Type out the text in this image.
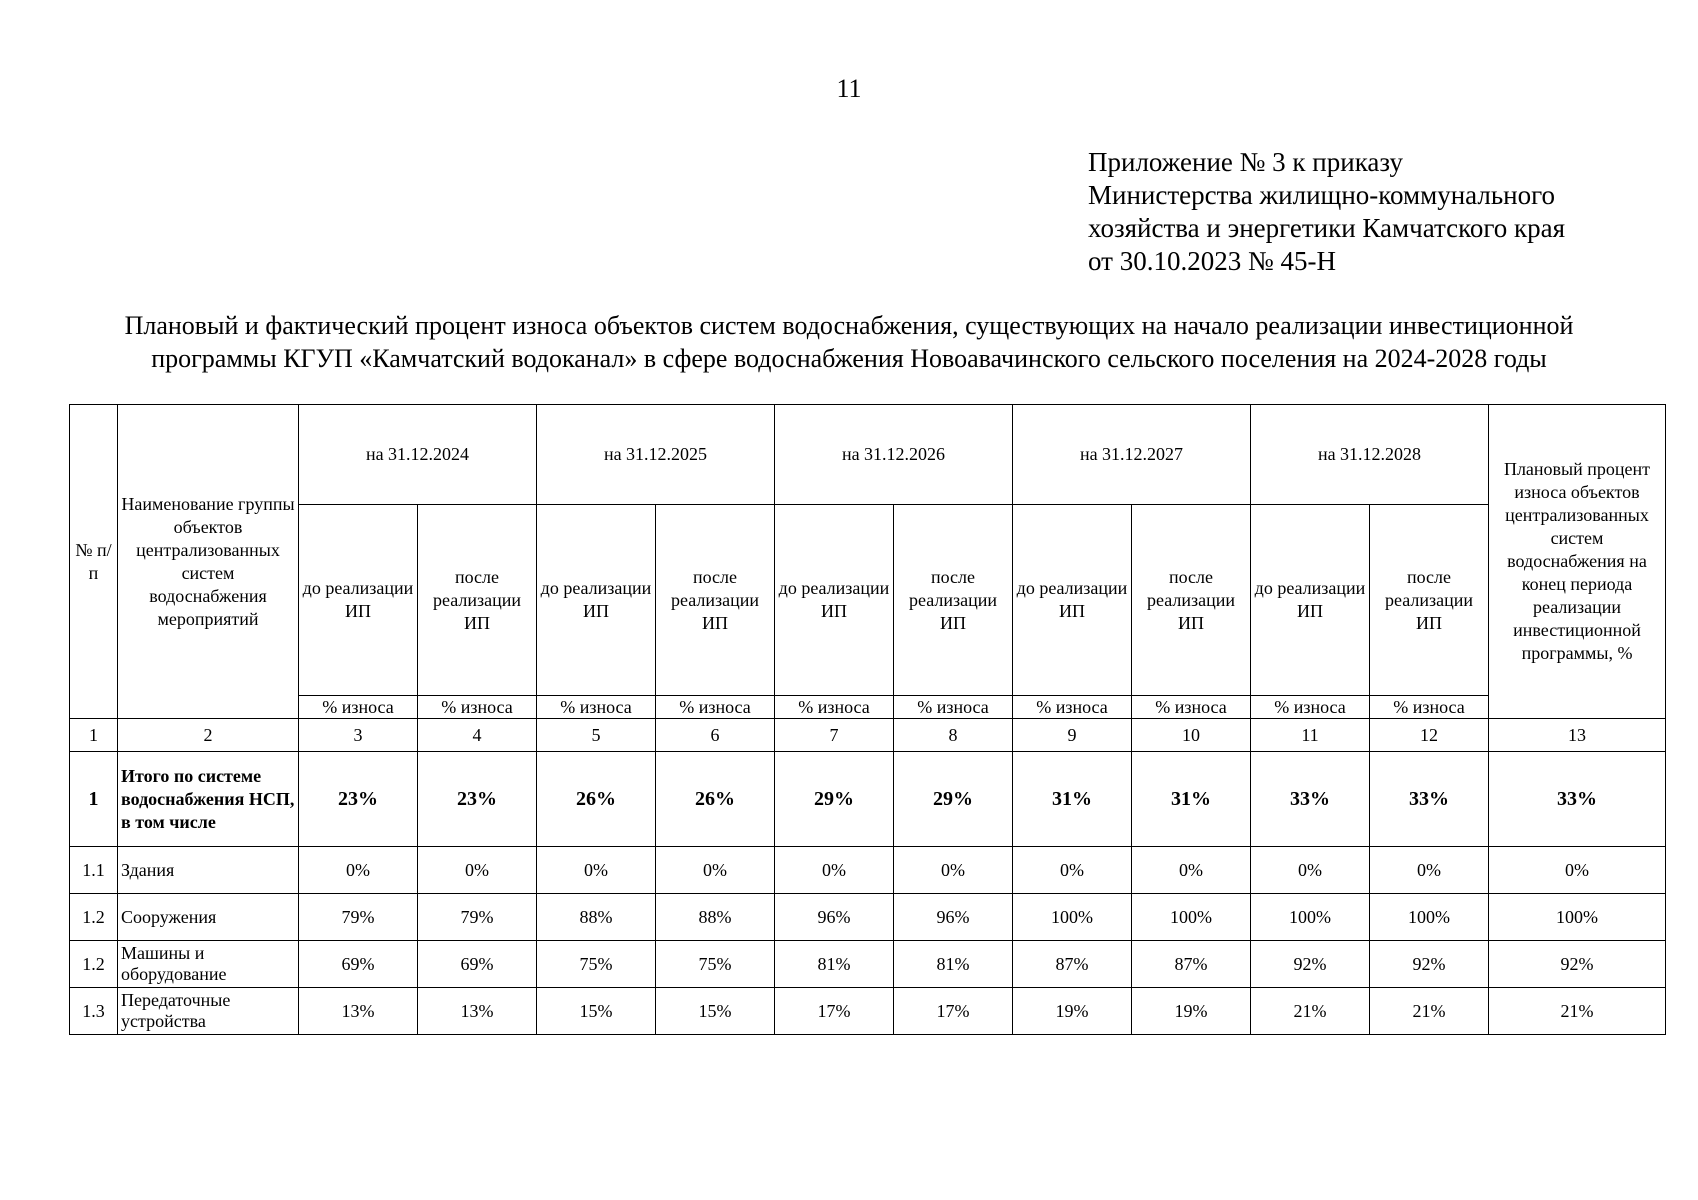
11
Приложение № 3 к приказу
Министерства жилищно-коммунального
хозяйства и энергетики Камчатского края
от 30.10.2023 № 45-Н
Плановый и фактический процент износа объектов систем водоснабжения, существующих на начало реализации инвестиционной
программы КГУП «Камчатский водоканал» в сфере водоснабжения Новоавачинского сельского поселения на 2024-2028 годы
№ п/ п	Наименование группы объектов централизованных систем водоснабжения мероприятий	на 31.12.2024		на 31.12.2025		на 31.12.2026		на 31.12.2027		на 31.12.2028		Плановый процент износа объектов централизованных систем водоснабжения на конец периода реализации инвестиционной программы, %
		до реализации ИП	после реализации ИП	до реализации ИП	после реализации ИП	до реализации ИП	после реализации ИП	до реализации ИП	после реализации ИП	до реализации ИП	после реализации ИП	
		% износа	% износа	% износа	% износа	% износа	% износа	% износа	% износа	% износа	% износа	
1	2	3	4	5	6	7	8	9	10	11	12	13
1	Итого по системе водоснабжения НСП, в том числе	23%	23%	26%	26%	29%	29%	31%	31%	33%	33%	33%
1.1	Здания	0%	0%	0%	0%	0%	0%	0%	0%	0%	0%	0%
1.2	Сооружения	79%	79%	88%	88%	96%	96%	100%	100%	100%	100%	100%
1.2	Машины и оборудование	69%	69%	75%	75%	81%	81%	87%	87%	92%	92%	92%
1.3	Передаточные устройства	13%	13%	15%	15%	17%	17%	19%	19%	21%	21%	21%
